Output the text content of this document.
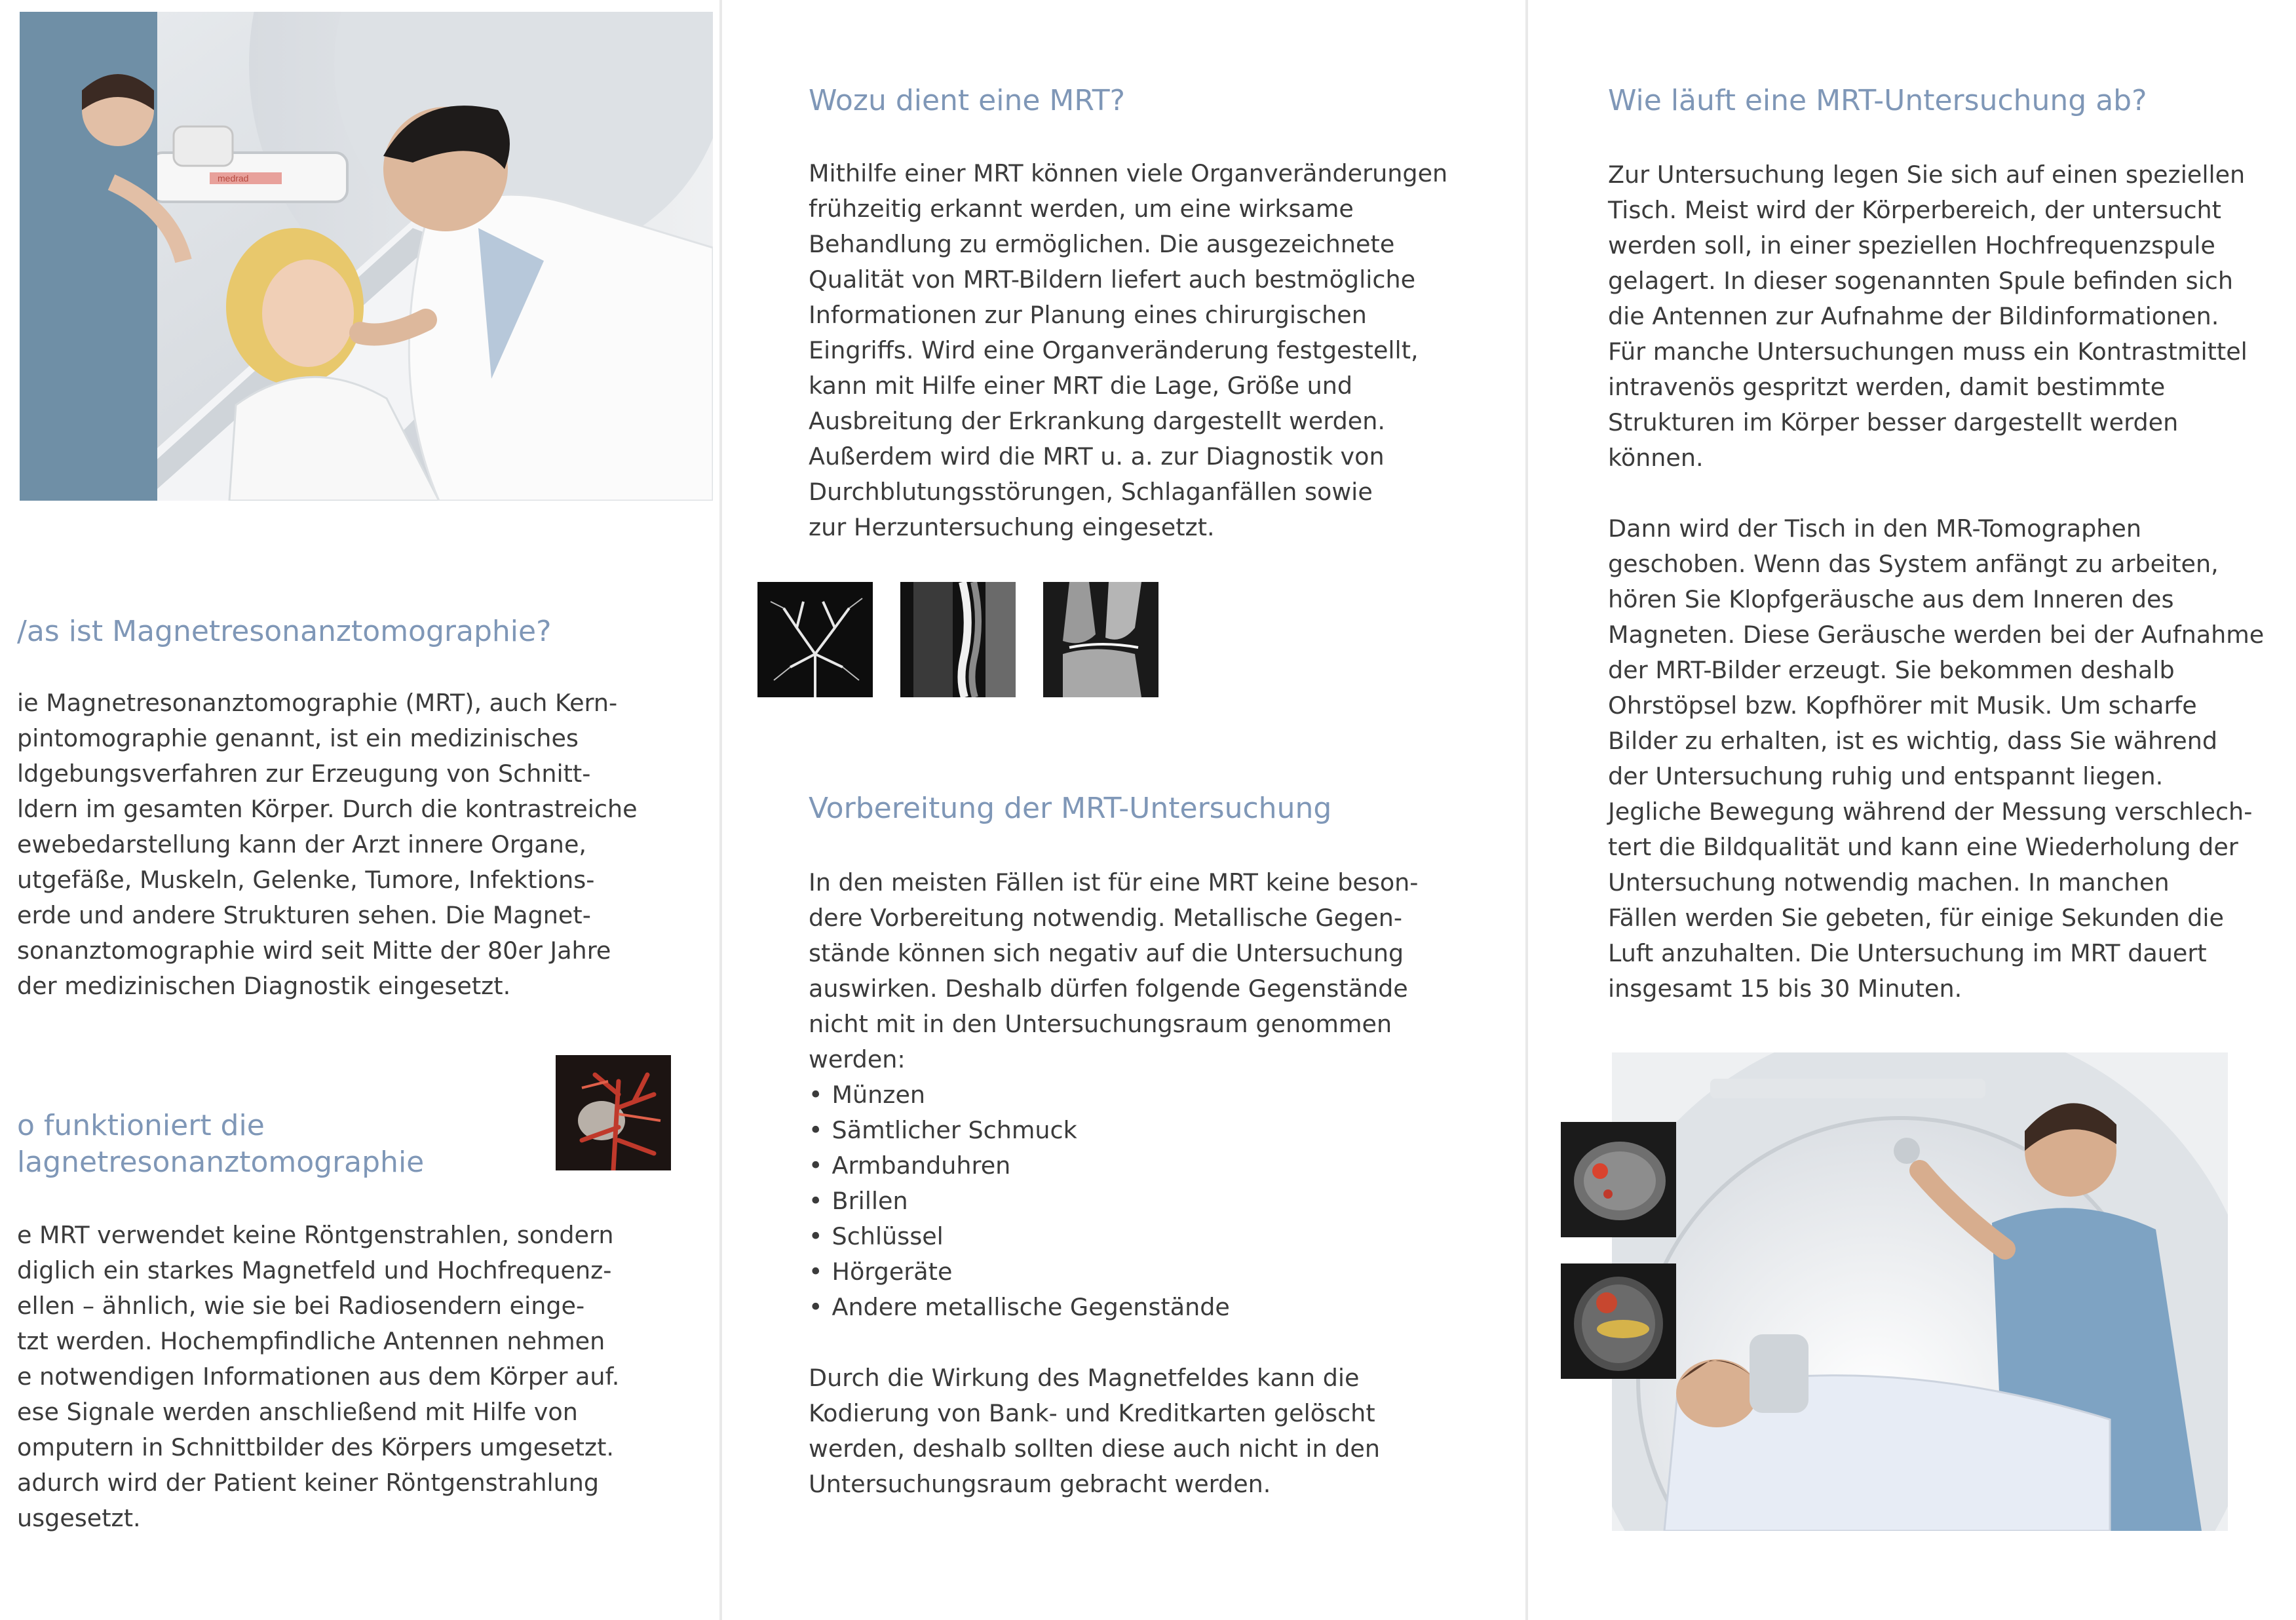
medrad
/as ist Magnetresonanztomographie?

ie Magnetresonanztomographie (MRT), auch Kern-

pintomographie genannt, ist ein medizinisches

ldgebungsverfahren zur Erzeugung von Schnitt-

ldern im gesamten Körper. Durch die kontrastreiche

ewebedarstellung kann der Arzt innere Organe,

utgefäße, Muskeln, Gelenke, Tumore, Infektions-

erde und andere Strukturen sehen. Die Magnet-

sonanztomographie wird seit Mitte der 80er Jahre

der medizinischen Diagnostik eingesetzt.

o funktioniert die
lagnetresonanztomographie

e MRT verwendet keine Röntgenstrahlen, sondern

diglich ein starkes Magnetfeld und Hochfrequenz-

ellen – ähnlich, wie sie bei Radiosendern einge-

tzt werden. Hochempfindliche Antennen nehmen

e notwendigen Informationen aus dem Körper auf.

ese Signale werden anschließend mit Hilfe von

omputern in Schnittbilder des Körpers umgesetzt.

adurch wird der Patient keiner Röntgenstrahlung

usgesetzt.

Wozu dient eine MRT?

Mithilfe einer MRT können viele Organveränderungen

frühzeitig erkannt werden, um eine wirksame

Behandlung zu ermöglichen. Die ausgezeichnete

Qualität von MRT-Bildern liefert auch bestmögliche

Informationen zur Planung eines chirurgischen

Eingriffs. Wird eine Organveränderung festgestellt,

kann mit Hilfe einer MRT die Lage, Größe und

Ausbreitung der Erkrankung dargestellt werden.

Außerdem wird die MRT u. a. zur Diagnostik von

Durchblutungsstörungen, Schlaganfällen sowie

zur Herzuntersuchung eingesetzt.

Vorbereitung der MRT-Untersuchung

In den meisten Fällen ist für eine MRT keine beson-

dere Vorbereitung notwendig. Metallische Gegen-

stände können sich negativ auf die Untersuchung

auswirken. Deshalb dürfen folgende Gegenstände

nicht mit in den Untersuchungsraum genommen

werden:

• Münzen
• Sämtlicher Schmuck
• Armbanduhren
• Brillen
• Schlüssel
• Hörgeräte
• Andere metallische Gegenstände

Durch die Wirkung des Magnetfeldes kann die

Kodierung von Bank- und Kreditkarten gelöscht

werden, deshalb sollten diese auch nicht in den

Untersuchungsraum gebracht werden.

Wie läuft eine MRT-Untersuchung ab?

Zur Untersuchung legen Sie sich auf einen speziellen

Tisch. Meist wird der Körperbereich, der untersucht

werden soll, in einer speziellen Hochfrequenzspule

gelagert. In dieser sogenannten Spule befinden sich

die Antennen zur Aufnahme der Bildinformationen.

Für manche Untersuchungen muss ein Kontrastmittel

intravenös gespritzt werden, damit bestimmte

Strukturen im Körper besser dargestellt werden

können.

Dann wird der Tisch in den MR-Tomographen

geschoben. Wenn das System anfängt zu arbeiten,

hören Sie Klopfgeräusche aus dem Inneren des

Magneten. Diese Geräusche werden bei der Aufnahme

der MRT-Bilder erzeugt. Sie bekommen deshalb

Ohrstöpsel bzw. Kopfhörer mit Musik. Um scharfe

Bilder zu erhalten, ist es wichtig, dass Sie während

der Untersuchung ruhig und entspannt liegen.

Jegliche Bewegung während der Messung verschlech-

tert die Bildqualität und kann eine Wiederholung der

Untersuchung notwendig machen. In manchen

Fällen werden Sie gebeten, für einige Sekunden die

Luft anzuhalten. Die Untersuchung im MRT dauert

insgesamt 15 bis 30 Minuten.
